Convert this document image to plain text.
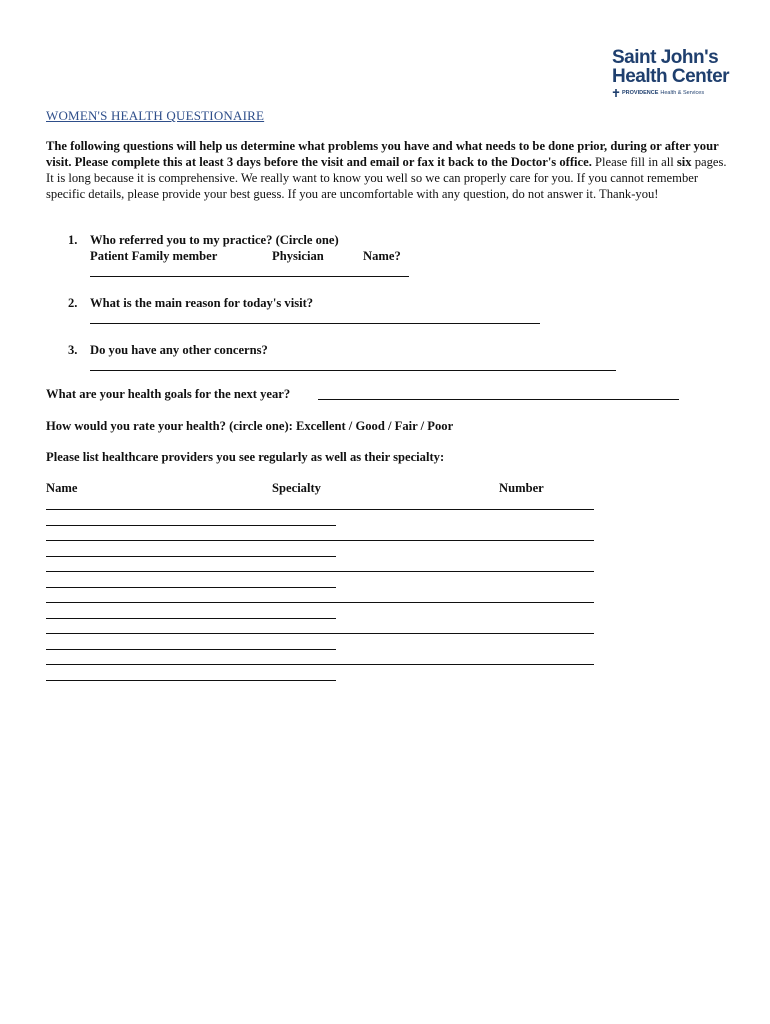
Saint John's
Health Center
PROVIDENCE Health & Services
WOMEN'S HEALTH QUESTIONAIRE
The following questions will help us determine what problems you have and what needs to be done prior, during or after your visit. Please complete this at least 3 days before the visit and email or fax it back to the Doctor's office. Please fill in all six pages. It is long because it is comprehensive. We really want to know you well so we can properly care for you. If you cannot remember specific details, please provide your best guess. If you are uncomfortable with any question, do not answer it. Thank-you!
1. Who referred you to my practice? (Circle one)
Patient Family member	Physician	Name?
2. What is the main reason for today's visit?
3. Do you have any other concerns?
What are your health goals for the next year?
How would you rate your health? (circle one): Excellent / Good / Fair / Poor
Please list healthcare providers you see regularly as well as their specialty:
Name	Specialty	Number
